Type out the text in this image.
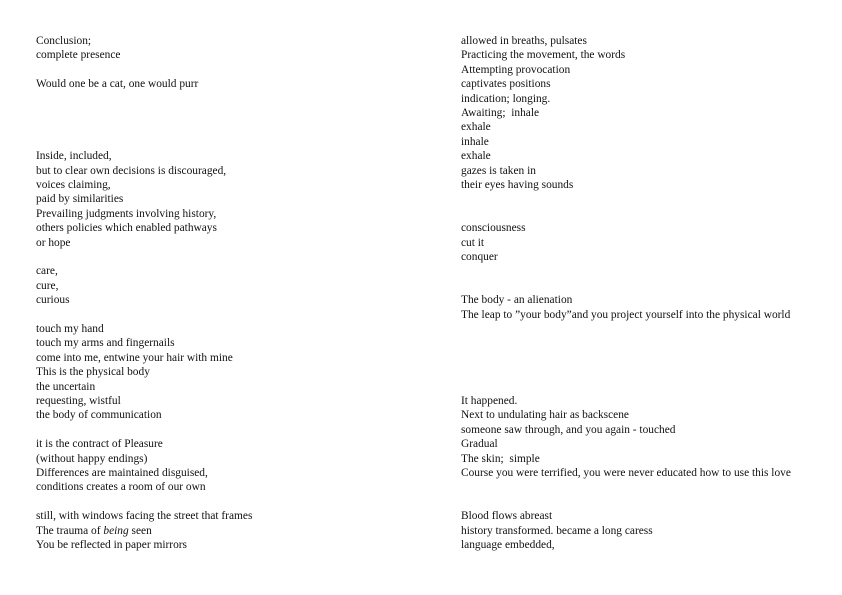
Conclusion;
complete presence
Would one be a cat, one would purr
Inside, included,
but to clear own decisions is discouraged,
voices claiming,
paid by similarities
Prevailing judgments involving history,
others policies which enabled pathways
or hope
care,
cure,
curious
touch my hand
touch my arms and fingernails
come into me, entwine your hair with mine
This is the physical body
the uncertain
requesting, wistful
the body of communication
it is the contract of Pleasure
(without happy endings)
Differences are maintained disguised,
conditions creates a room of our own
still, with windows facing the street that frames
The trauma of being seen
You be reflected in paper mirrors
allowed in breaths, pulsates
Practicing the movement, the words
Attempting provocation
captivates positions
indication; longing.
Awaiting;  inhale
exhale
inhale
exhale
gazes is taken in
their eyes having sounds
consciousness
cut it
conquer
The body - an alienation
The leap to ”your body”and you project yourself into the physical world
It happened.
Next to undulating hair as backscene
someone saw through, and you again - touched
Gradual
The skin;  simple
Course you were terrified, you were never educated how to use this love
Blood flows abreast
history transformed. became a long caress
language embedded,
